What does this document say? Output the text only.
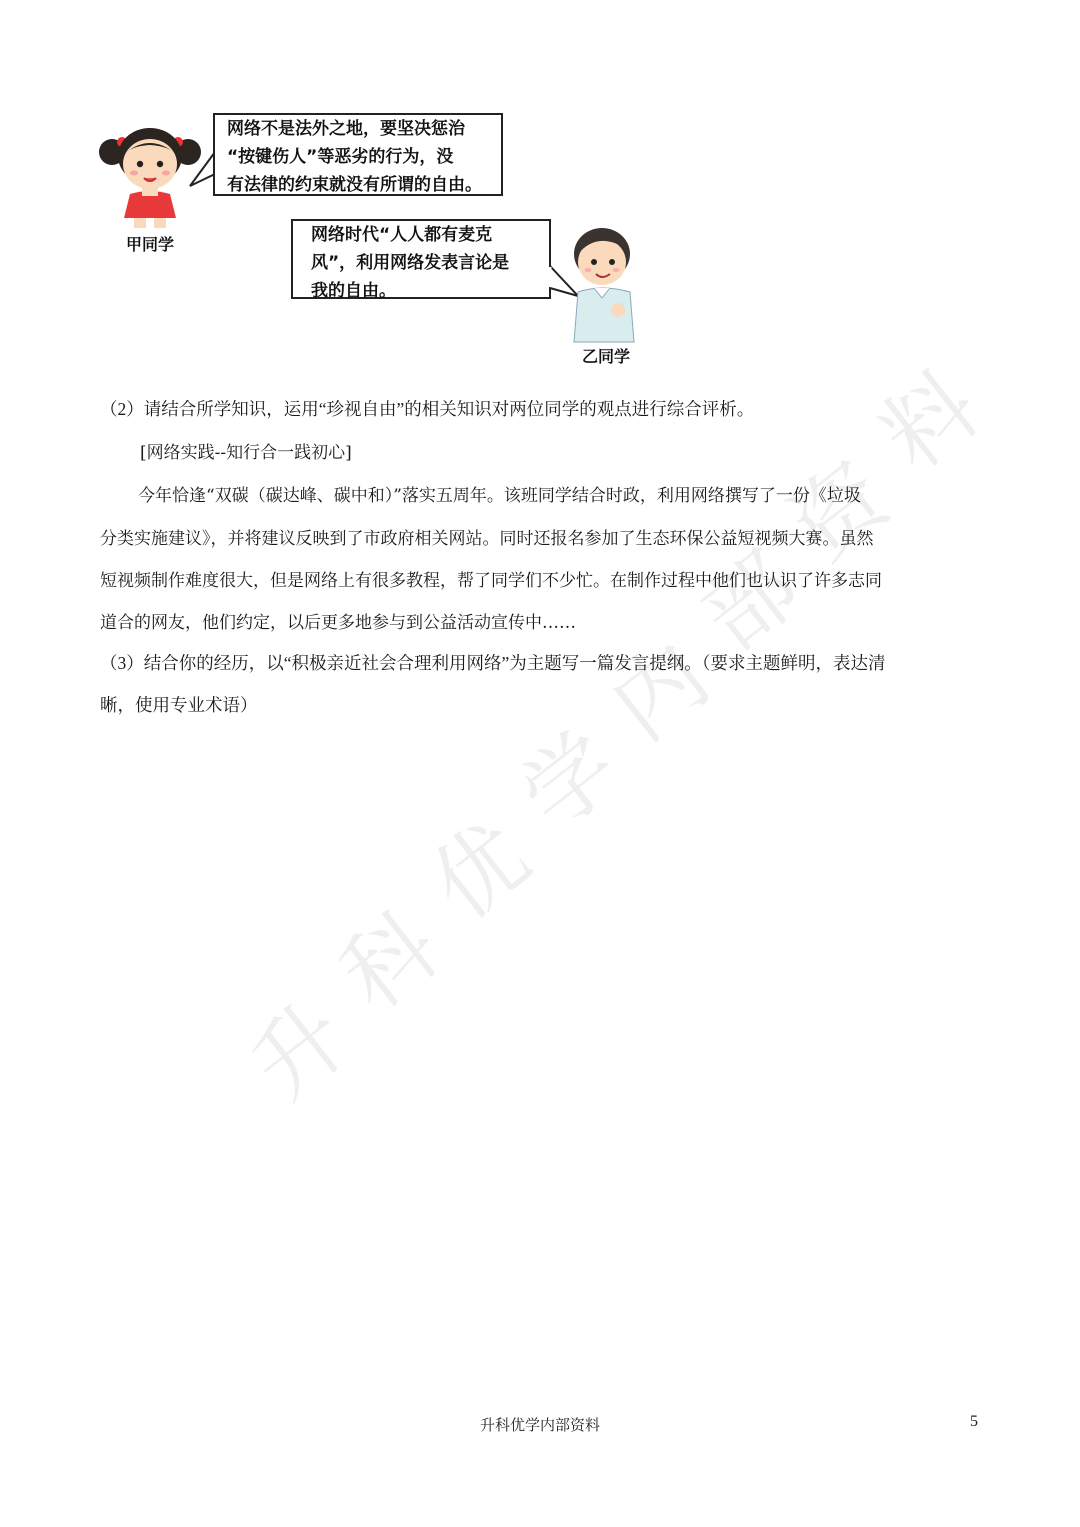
升
科
优
学
内
部
资
料
网络不是法外之地，要坚决惩治
“按键伤人”等恶劣的行为，没
有法律的约束就没有所谓的自由。
甲同学	网络时代“人人都有麦克
风”，利用网络发表言论是
我的自由。
乙同学
（2）请结合所学知识，运用“珍视自由”的相关知识对两位同学的观点进行综合评析。
[网络实践--知行合一践初心]
今年恰逢“双碳（碳达峰、碳中和）”落实五周年。该班同学结合时政，利用网络撰写了一份《垃圾
分类实施建议》，并将建议反映到了市政府相关网站。同时还报名参加了生态环保公益短视频大赛。虽然
短视频制作难度很大，但是网络上有很多教程，帮了同学们不少忙。在制作过程中他们也认识了许多志同
道合的网友，他们约定，以后更多地参与到公益活动宣传中……
（3）结合你的经历，以“积极亲近社会合理利用网络”为主题写一篇发言提纲。（要求主题鲜明，表达清
晰，使用专业术语）
升科优学内部资料	5
